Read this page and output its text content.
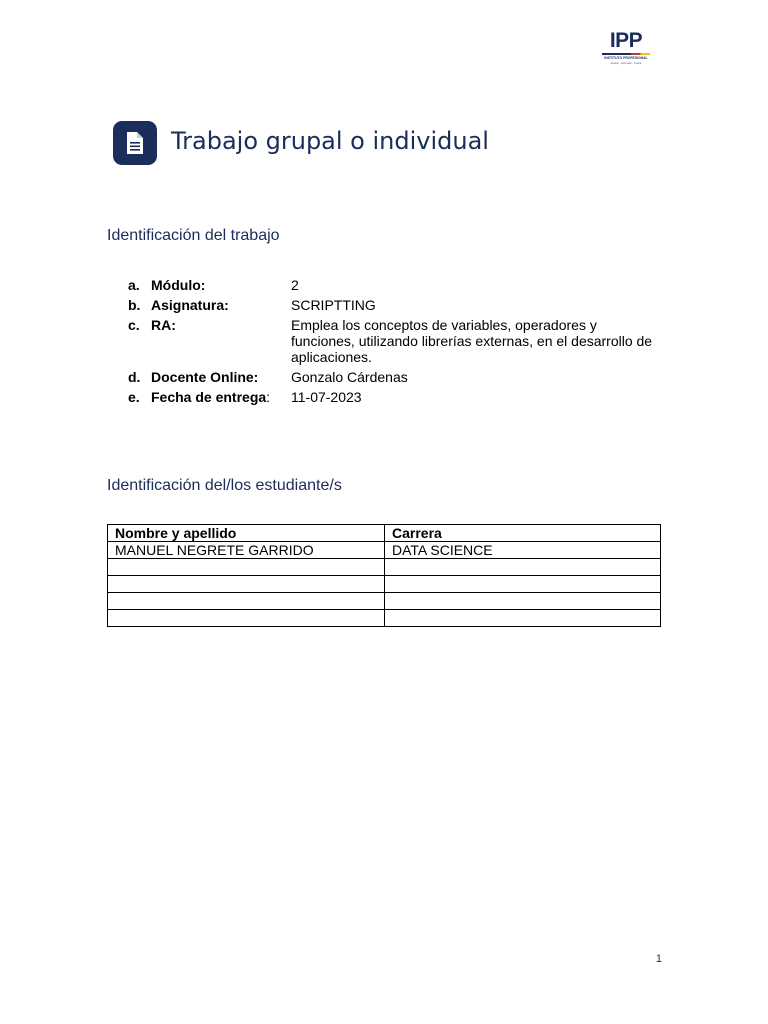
IPP
INSTITUTO PROFESIONAL
Sueña · Aprende · Crece
Trabajo grupal o individual
Identificación del trabajo
a. Módulo:	2
b. Asignatura:	SCRIPTTING
c. RA:	Emplea los conceptos de variables, operadores y funciones, utilizando librerías externas, en el desarrollo de aplicaciones.
d. Docente Online:	Gonzalo Cárdenas
e. Fecha de entrega:	11-07-2023
Identificación del/los estudiante/s
Nombre y apellido	Carrera
MANUEL NEGRETE GARRIDO	DATA SCIENCE

1
